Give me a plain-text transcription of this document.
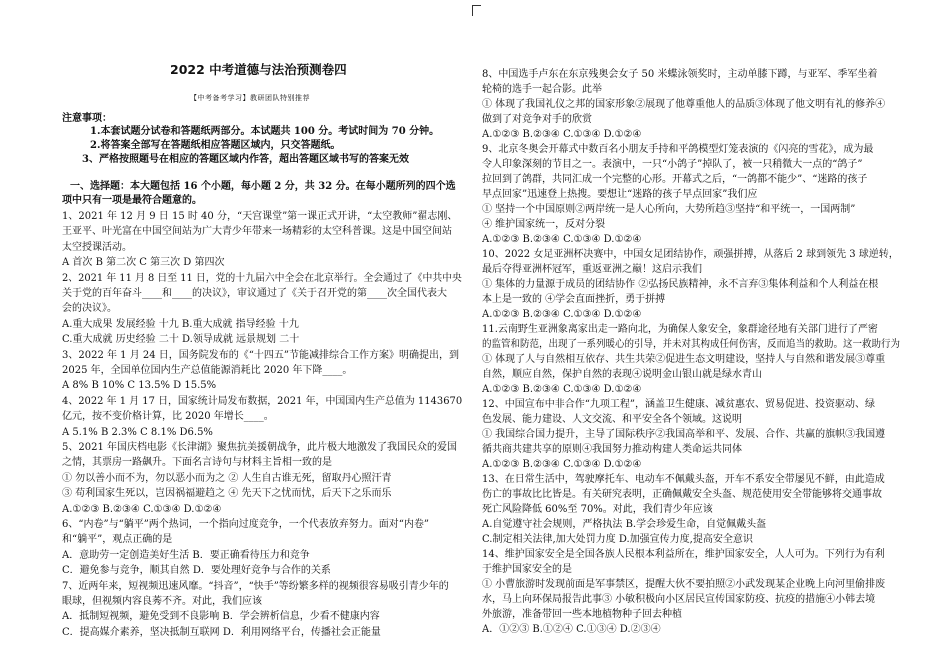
2022 中考道德与法治预测卷四
【中考备考学习】教研团队特别推荐
注意事项：
1.本套试题分试卷和答题纸两部分。本试题共 100 分。考试时间为 70 分钟。
2.将答案全部写在答题纸相应答题区域内，只交答题纸。
3、严格按照题号在相应的答题区域内作答，超出答题区域书写的答案无效
一、选择题：本大题包括 16 个小题，每小题 2 分，共 32 分。在每小题所列的四个选
项中只有一项是最符合题意的。
1、2021 年 12 月 9 日 15 时 40 分，“天宫课堂”第一课正式开讲，“太空教师”翟志刚、
王亚平、叶光富在中国空间站为广大青少年带来一场精彩的太空科普课。这是中国空间站
太空授课活动。
A 首次 B 第二次 C 第三次 D 第四次
2、2021 年 11 月 8 日至 11 日，党的十九届六中全会在北京举行。全会通过了《中共中央
关于党的百年奋斗____和____的决议》，审议通过了《关于召开党的第____次全国代表大
会的决议》。
A.重大成果 发展经验 十九 B.重大成就 指导经验 十九
C.重大成就 历史经验 二十 D.领导成就 远景规划 二十
3、2022 年 1 月 24 日，国务院发布的《“十四五”节能减排综合工作方案》明确提出，到
2025 年，全国单位国内生产总值能源消耗比 2020 年下降____。
A 8% B 10% C 13.5% D 15.5%
4、2022 年 1 月 17 日，国家统计局发布数据，2021 年，中国国内生产总值为 1143670
亿元，按不变价格计算，比 2020 年增长____。
A 5.1% B 2.3% C 8.1% D6.5%
5、2021 年国庆档电影《长津湖》聚焦抗美援朝战争，此片极大地激发了我国民众的爱国
之情，其票房一路飙升。下面名言诗句与材料主旨相一致的是
① 勿以善小而不为，勿以恶小而为之 ② 人生自古谁无死，留取丹心照汗青
③ 苟利国家生死以，岂因祸福避趋之 ④ 先天下之忧而忧，后天下之乐而乐
A.①②③ B.②③④ C.①③④ D.①②④
6、“内卷”与“躺平”两个热词，一个指向过度竞争，一个代表放弃努力。面对“内卷”
和“躺平”，观点正确的是
A．意助劳一定创造美好生活 B．要正确看待压力和竞争
C．避免参与竞争，顺其自然 D．要处理好竞争与合作的关系
7、近两年来，短视频迅速风靡。“抖音”，“快手”等纷繁多样的视频很容易吸引青少年的
眼球，但视频内容良莠不齐。对此，我们应该
A．抵制短视频，避免受到不良影响 B．学会辨析信息，少看不健康内容
C．提高媒介素养，坚决抵制互联网 D．利用网络平台，传播社会正能量
8、中国选手卢东在东京残奥会女子 50 米蝶泳领奖时，主动单膝下蹲，与亚军、季军坐着
轮椅的选手一起合影。此举
① 体现了我国礼仪之邦的国家形象②展现了他尊重他人的品质③体现了他文明有礼的修养④
做到了对竞争对手的欣赏
A.①②③ B.②③④ C.①③④ D.①②④
9、北京冬奥会开幕式中数百名小朋友手持和平鸽模型灯笼表演的《闪亮的雪花》，成为最
令人印象深刻的节目之一。表演中，一只“小鸽子”掉队了，被一只稍微大一点的“鸽子”
拉回到了鸽群，共同汇成一个完整的心形。开幕式之后，“一鸽都不能少”、“迷路的孩子
早点回家”迅速登上热搜。要想让“迷路的孩子早点回家”我们应
① 坚持一个中国原则②两岸统一是人心所向，大势所趋③坚持“和平统一，一国两制”
④ 维护国家统一，反对分裂
A.①②③ B.②③④ C.①③④ D.①②④
10、2022 女足亚洲杯决赛中，中国女足团结协作，顽强拼搏，从落后 2 球到领先 3 球逆转，
最后夺得亚洲杯冠军，重返亚洲之巅！这启示我们
① 集体的力量源于成员的团结协作 ②弘扬民族精神，永不言弃③集体利益和个人利益在根
本上是一致的 ④学会直面挫折，勇于拼搏
A.①②③ B.②③④ C.①③④ D.①②④
11.云南野生亚洲象离家出走一路向北，为确保人象安全，象群途径地有关部门进行了严密
的监管和防范，出现了一系列暖心的引导，并未对其构成任何伤害，反而追当的救助。这一救助行为
① 体现了人与自然相互依存、共生共荣②促进生态文明建设，坚持人与自然和谐发展③尊重
自然，顺应自然，保护自然的表现④说明金山银山就是绿水青山
A.①②③ B.②③④ C.①③④ D.①②④
12、中国宣布中非合作“九项工程”，涵盖卫生健康、减贫惠农、贸易促进、投资驱动、绿
色发展、能力建设、人文交流、和平安全各个领域。这说明
① 我国综合国力提升，主导了国际秩序②我国高举和平、发展、合作、共赢的旗帜③我国遵
循共商共建共享的原则④我国努力推动构建人类命运共同体
A.①②③ B.②③④ C.①③④ D.①②④
13、在日常生活中，驾驶摩托车、电动车不佩戴头盔，开车不系安全带屡见不鲜，由此造成
伤亡的事故比比皆是。有关研究表明，正确佩戴安全头盔、规范使用安全带能够将交通事故
死亡风险降低 60%至 70%。对此，我们青少年应该
A.自觉遵守社会规则，严格执法 B.学会珍爱生命，自觉佩戴头盔
C.制定相关法律,加大处罚力度 D.加强宣传力度,提高安全意识
14、维护国家安全是全国各族人民根本利益所在，维护国家安全，人人可为。下列行为有利
于维护国家安全的是
① 小曹旅游时发现前面是军事禁区，提醒大伙不要拍照②小武发现某企业晚上向河里偷排废
水，马上向环保局报告此事③ 小敏积极向小区居民宣传国家防疫、抗疫的措施④小韩去境
外旅游，准备带回一些本地植物种子回去种植
A．①②③ B.①②④ C.①③④ D.②③④
